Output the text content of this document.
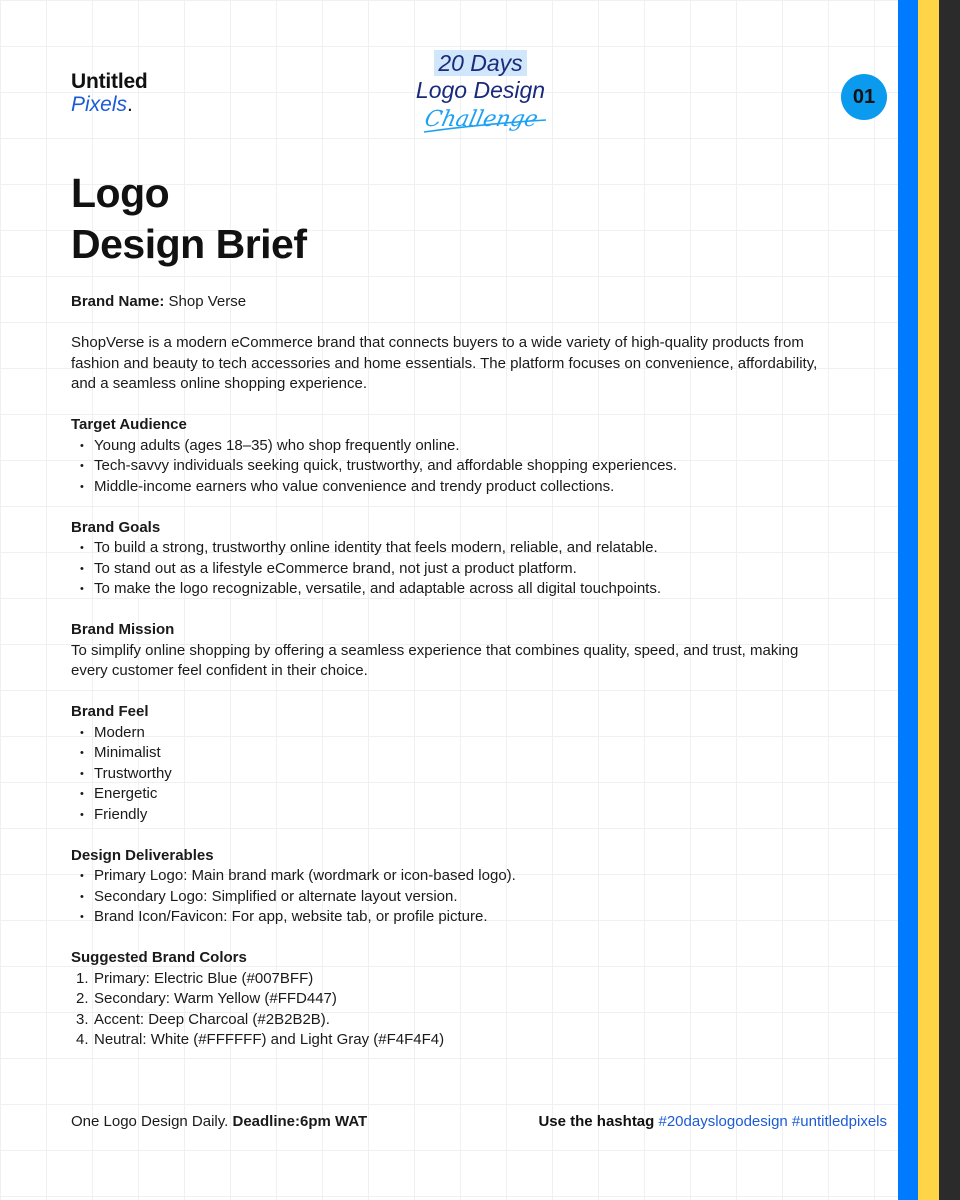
Untitled
Pixels.
20 Days
Logo Design
Challenge
01
Logo
Design Brief
Brand Name: Shop Verse
ShopVerse is a modern eCommerce brand that connects buyers to a wide variety of high-quality products from
fashion and beauty to tech accessories and home essentials. The platform focuses on convenience, affordability,
and a seamless online shopping experience.
Target Audience
• Young adults (ages 18–35) who shop frequently online.
• Tech-savvy individuals seeking quick, trustworthy, and affordable shopping experiences.
• Middle-income earners who value convenience and trendy product collections.
Brand Goals
• To build a strong, trustworthy online identity that feels modern, reliable, and relatable.
• To stand out as a lifestyle eCommerce brand, not just a product platform.
• To make the logo recognizable, versatile, and adaptable across all digital touchpoints.
Brand Mission
To simplify online shopping by offering a seamless experience that combines quality, speed, and trust, making
every customer feel confident in their choice.
Brand Feel
• Modern
• Minimalist
• Trustworthy
• Energetic
• Friendly
Design Deliverables
• Primary Logo: Main brand mark (wordmark or icon-based logo).
• Secondary Logo: Simplified or alternate layout version.
• Brand Icon/Favicon: For app, website tab, or profile picture.
Suggested Brand Colors
1. Primary: Electric Blue (#007BFF)
2. Secondary: Warm Yellow (#FFD447)
3. Accent: Deep Charcoal (#2B2B2B).
4. Neutral: White (#FFFFFF) and Light Gray (#F4F4F4)
One Logo Design Daily. Deadline:6pm WAT	Use the hashtag #20dayslogodesign #untitledpixels
